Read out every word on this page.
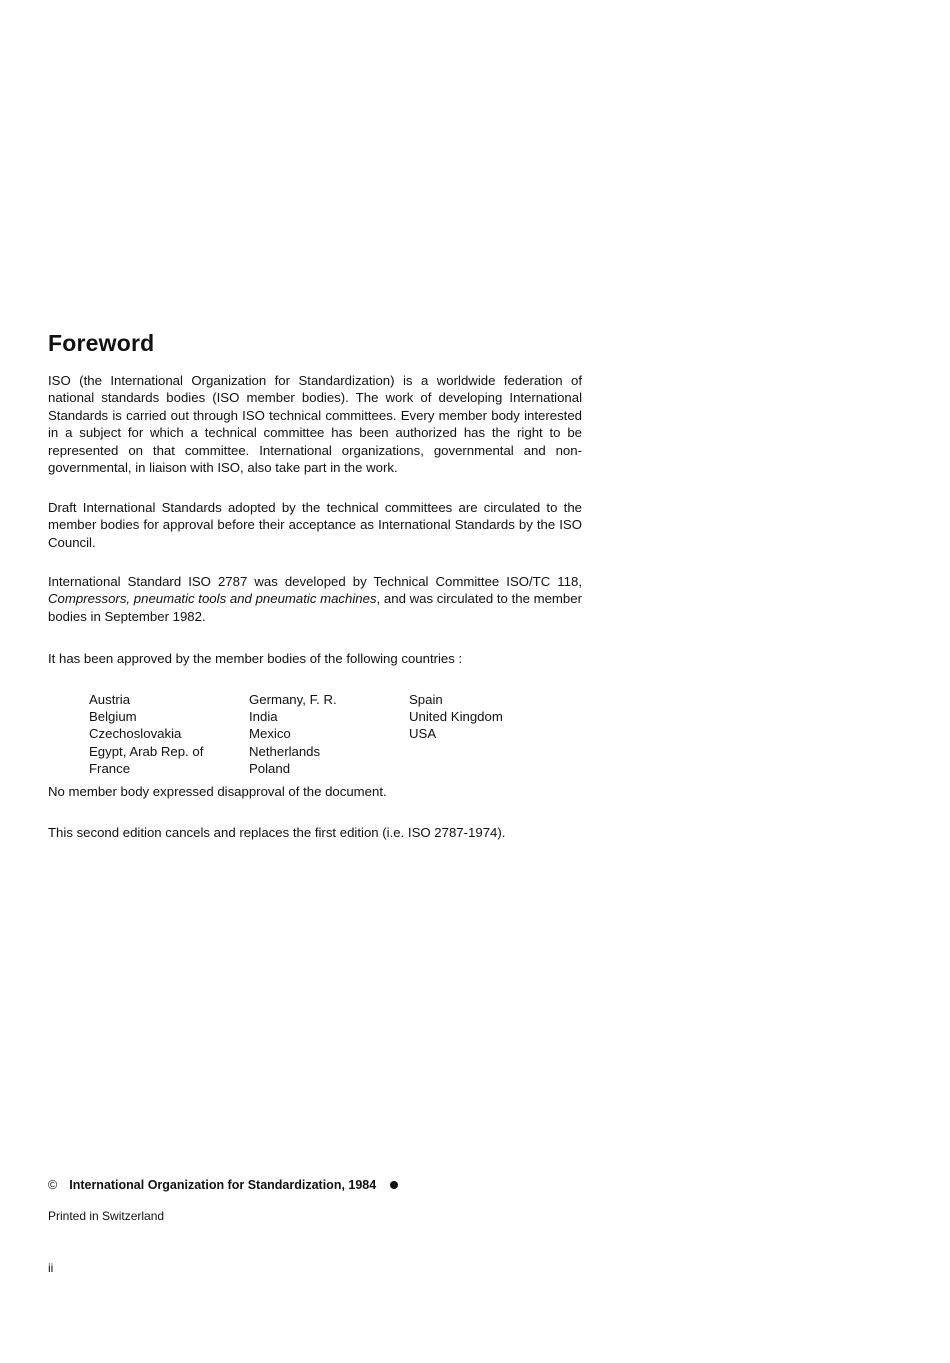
Foreword

ISO (the International Organization for Standardization) is a worldwide federation of national standards bodies (ISO member bodies). The work of developing International Standards is carried out through ISO technical committees. Every member body interested in a subject for which a technical committee has been authorized has the right to be represented on that committee. International organizations, governmental and non-governmental, in liaison with ISO, also take part in the work.

Draft International Standards adopted by the technical committees are circulated to the member bodies for approval before their acceptance as International Standards by the ISO Council.

International Standard ISO 2787 was developed by Technical Committee ISO/TC 118, Compressors, pneumatic tools and pneumatic machines, and was circulated to the member bodies in September 1982.

It has been approved by the member bodies of the following countries :

Austria
Belgium
Czechoslovakia
Egypt, Arab Rep. of
France
Germany, F. R.
India
Mexico
Netherlands
Poland
Spain
United Kingdom
USA

No member body expressed disapproval of the document.

This second edition cancels and replaces the first edition (i.e. ISO 2787-1974).

© International Organization for Standardization, 1984
Printed in Switzerland
ii
